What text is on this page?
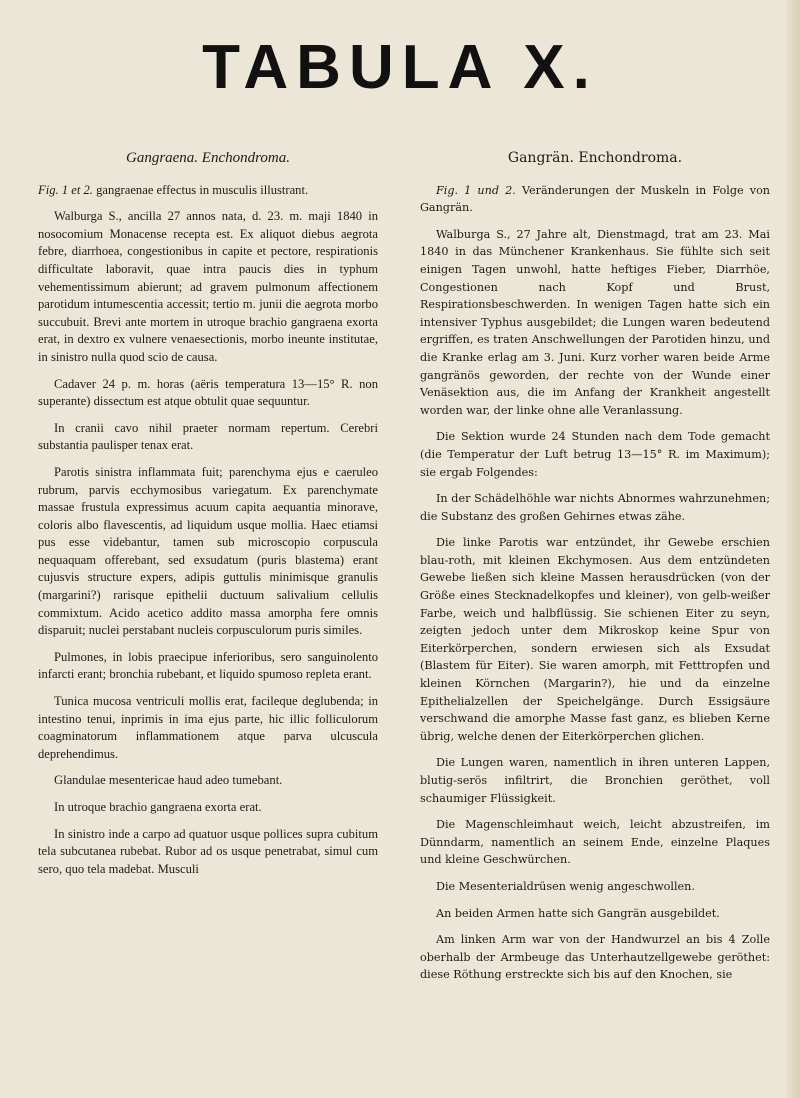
TABULA X.
Gangraena. Enchondroma.

Fig. 1 et 2. gangraenae effectus in musculis illustrant.

Walburga S., ancilla 27 annos nata, d. 23. m. maji 1840 in nosocomium Monacense recepta est. Ex aliquot diebus aegrota febre, diarrhoea, congestionibus in capite et pectore, respirationis difficultate laboravit, quae intra paucis dies in typhum vehementissimum abierunt; ad gravem pulmonum affectionem parotidum intumescentia accessit; tertio m. junii die aegrota morbo succubuit. Brevi ante mortem in utroque brachio gangraena exorta erat, in dextro ex vulnere venaesectionis, morbo ineunte institutae, in sinistro nulla quod scio de causa.

Cadaver 24 p. m. horas (aëris temperatura 13—15° R. non superante) dissectum est atque obtulit quae sequuntur.

In cranii cavo nihil praeter normam repertum. Cerebri substantia paulisper tenax erat.

Parotis sinistra inflammata fuit; parenchyma ejus e caeruleo rubrum, parvis ecchymosibus variegatum. Ex parenchymate massae frustula expressimus acuum capita aequantia minorave, coloris albo flavescentis, ad liquidum usque mollia. Haec etiamsi pus esse videbantur, tamen sub microscopio corpuscula nequaquam offerebant, sed exsudatum (puris blastema) erant cujusvis structure expers, adipis guttulis minimisque granulis (margarini?) rarisque epithelii ductuum salivalium cellulis commixtum. Acido acetico addito massa amorpha fere omnis disparuit; nuclei perstabant nucleis corpusculorum puris similes.

Pulmones, in lobis praecipue inferioribus, sero sanguinolento infarcti erant; bronchia rubebant, et liquido spumoso repleta erant.

Tunica mucosa ventriculi mollis erat, facileque deglubenda; in intestino tenui, inprimis in ima ejus parte, hic illic folliculorum coagminatorum inflammationem atque parva ulcuscula deprehendimus.

Glandulae mesentericae haud adeo tumebant.

In utroque brachio gangraena exorta erat.

In sinistro inde a carpo ad quatuor usque pollices supra cubitum tela subcutanea rubebat. Rubor ad os usque penetrabat, simul cum sero, quo tela madebat. Musculi

Gangrän. Enchondroma.

Fig. 1 und 2. Veränderungen der Muskeln in Folge von Gangrän.

Walburga S., 27 Jahre alt, Dienstmagd, trat am 23. Mai 1840 in das Münchener Krankenhaus. Sie fühlte sich seit einigen Tagen unwohl, hatte heftiges Fieber, Diarrhöe, Congestionen nach Kopf und Brust, Respirationsbeschwerden. In wenigen Tagen hatte sich ein intensiver Typhus ausgebildet; die Lungen waren bedeutend ergriffen, es traten Anschwellungen der Parotiden hinzu, und die Kranke erlag am 3. Juni. Kurz vorher waren beide Arme gangränös geworden, der rechte von der Wunde einer Venäsektion aus, die im Anfang der Krankheit angestellt worden war, der linke ohne alle Veranlassung.

Die Sektion wurde 24 Stunden nach dem Tode gemacht (die Temperatur der Luft betrug 13—15° R. im Maximum); sie ergab Folgendes:

In der Schädelhöhle war nichts Abnormes wahrzunehmen; die Substanz des großen Gehirnes etwas zähe.

Die linke Parotis war entzündet, ihr Gewebe erschien blau-roth, mit kleinen Ekchymosen. Aus dem entzündeten Gewebe ließen sich kleine Massen herausdrücken (von der Größe eines Stecknadelkopfes und kleiner), von gelb-weißer Farbe, weich und halbflüssig. Sie schienen Eiter zu seyn, zeigten jedoch unter dem Mikroskop keine Spur von Eiterkörperchen, sondern erwiesen sich als Exsudat (Blastem für Eiter). Sie waren amorph, mit Fetttropfen und kleinen Körnchen (Margarin?), hie und da einzelne Epithelialzellen der Speichelgänge. Durch Essigsäure verschwand die amorphe Masse fast ganz, es blieben Kerne übrig, welche denen der Eiterkörperchen glichen.

Die Lungen waren, namentlich in ihren unteren Lappen, blutig-serös infiltrirt, die Bronchien geröthet, voll schaumiger Flüssigkeit.

Die Magenschleimhaut weich, leicht abzustreifen, im Dünndarm, namentlich an seinem Ende, einzelne Plaques und kleine Geschwürchen.

Die Mesenterialdrüsen wenig angeschwollen.

An beiden Armen hatte sich Gangrän ausgebildet.

Am linken Arm war von der Handwurzel an bis 4 Zolle oberhalb der Armbeuge das Unterhautzellgewebe geröthet: diese Röthung erstreckte sich bis auf den Knochen, sie
